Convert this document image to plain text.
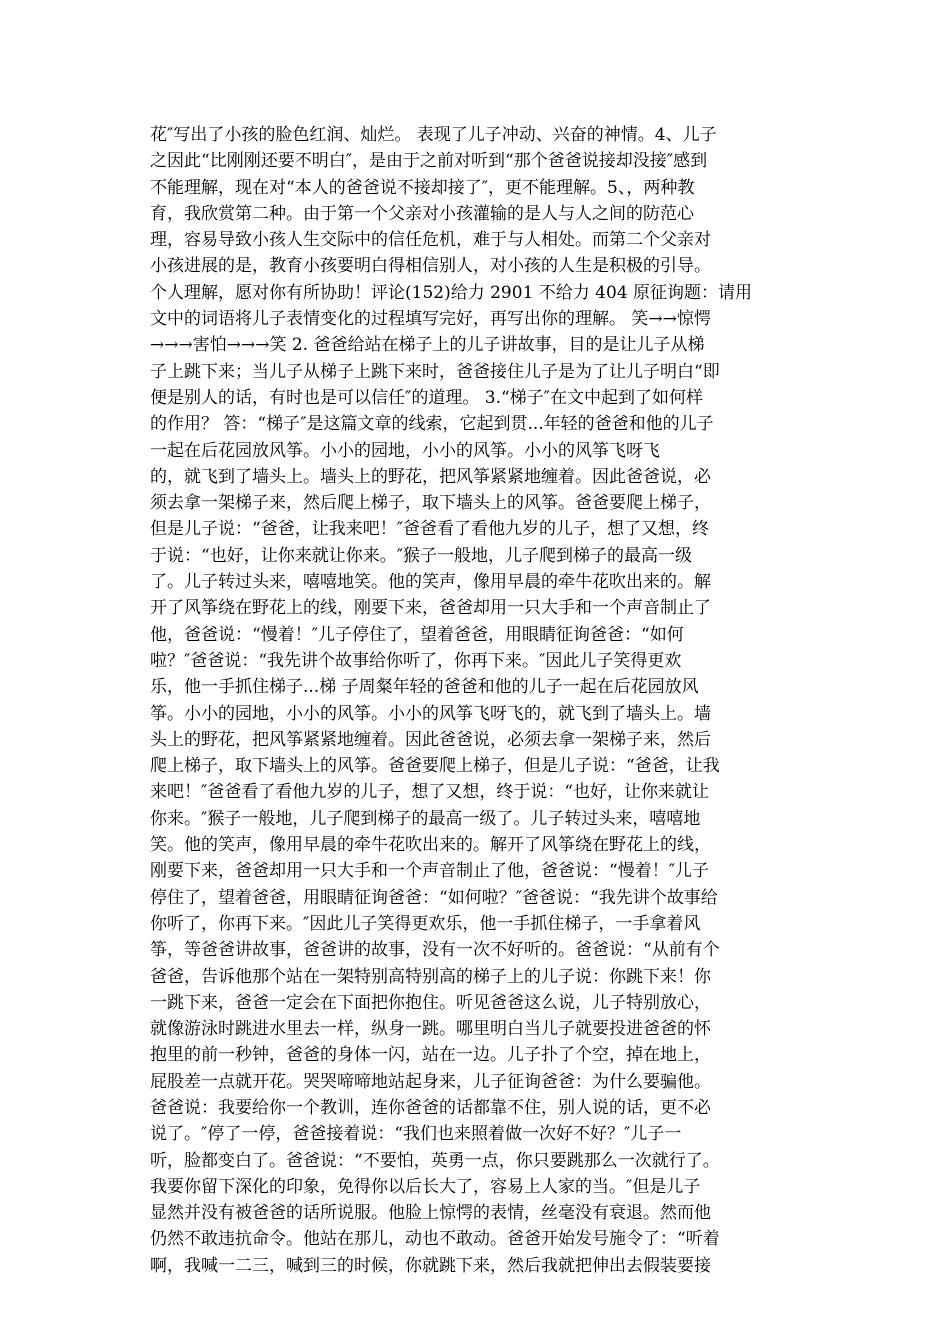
花″写出了小孩的脸色红润、灿烂。 表现了儿子冲动、兴奋的神情。4、儿子
之因此“比刚刚还要不明白″，是由于之前对听到“那个爸爸说接却没接″感到
不能理解，现在对“本人的爸爸说不接却接了″，更不能理解。5、，两种教
育，我欣赏第二种。由于第一个父亲对小孩灌输的是人与人之间的防范心
理，容易导致小孩人生交际中的信任危机，难于与人相处。而第二个父亲对
小孩进展的是，教育小孩要明白得相信别人，对小孩的人生是积极的引导。
个人理解，愿对你有所协助！评论(152)给力 2901 不给力 404 原征询题：请用
文中的词语将儿子表情变化的过程填写完好，再写出你的理解。 笑→→惊愕
→→→害怕→→→笑 2. 爸爸给站在梯子上的儿子讲故事，目的是让儿子从梯
子上跳下来；当儿子从梯子上跳下来时，爸爸接住儿子是为了让儿子明白“即
便是别人的话，有时也是可以信任″的道理。 3.“梯子″在文中起到了如何样
的作用？ 答：“梯子″是这篇文章的线索，它起到贯...年轻的爸爸和他的儿子
一起在后花园放风筝。小小的园地，小小的风筝。小小的风筝飞呀飞
的，就飞到了墙头上。墙头上的野花，把风筝紧紧地缠着。因此爸爸说，必
须去拿一架梯子来，然后爬上梯子，取下墙头上的风筝。爸爸要爬上梯子，
但是儿子说：“爸爸，让我来吧！″爸爸看了看他九岁的儿子，想了又想，终
于说：“也好，让你来就让你来。″猴子一般地，儿子爬到梯子的最高一级
了。儿子转过头来，嘻嘻地笑。他的笑声，像用早晨的牵牛花吹出来的。解
开了风筝绕在野花上的线，刚要下来，爸爸却用一只大手和一个声音制止了
他，爸爸说：“慢着！″儿子停住了，望着爸爸，用眼睛征询爸爸：“如何
啦？″爸爸说：“我先讲个故事给你听了，你再下来。″因此儿子笑得更欢
乐，他一手抓住梯子...梯 子周粲年轻的爸爸和他的儿子一起在后花园放风
筝。小小的园地，小小的风筝。小小的风筝飞呀飞的，就飞到了墙头上。墙
头上的野花，把风筝紧紧地缠着。因此爸爸说，必须去拿一架梯子来，然后
爬上梯子，取下墙头上的风筝。爸爸要爬上梯子，但是儿子说：“爸爸，让我
来吧！″爸爸看了看他九岁的儿子，想了又想，终于说：“也好，让你来就让
你来。″猴子一般地，儿子爬到梯子的最高一级了。儿子转过头来，嘻嘻地
笑。他的笑声，像用早晨的牵牛花吹出来的。解开了风筝绕在野花上的线，
刚要下来，爸爸却用一只大手和一个声音制止了他，爸爸说：“慢着！″儿子
停住了，望着爸爸，用眼睛征询爸爸：“如何啦？″爸爸说：“我先讲个故事给
你听了，你再下来。″因此儿子笑得更欢乐，他一手抓住梯子，一手拿着风
筝，等爸爸讲故事，爸爸讲的故事，没有一次不好听的。爸爸说：“从前有个
爸爸，告诉他那个站在一架特别高特别高的梯子上的儿子说：你跳下来！你
一跳下来，爸爸一定会在下面把你抱住。听见爸爸这么说，儿子特别放心，
就像游泳时跳进水里去一样，纵身一跳。哪里明白当儿子就要投进爸爸的怀
抱里的前一秒钟，爸爸的身体一闪，站在一边。儿子扑了个空，掉在地上，
屁股差一点就开花。哭哭啼啼地站起身来，儿子征询爸爸：为什么要骗他。
爸爸说：我要给你一个教训，连你爸爸的话都靠不住，别人说的话，更不必
说了。″停了一停，爸爸接着说：“我们也来照着做一次好不好？″儿子一
听，脸都变白了。爸爸说：“不要怕，英勇一点，你只要跳那么一次就行了。
我要你留下深化的印象，免得你以后长大了，容易上人家的当。″但是儿子
显然并没有被爸爸的话所说服。他脸上惊愕的表情，丝毫没有衰退。然而他
仍然不敢违抗命令。他站在那儿，动也不敢动。爸爸开始发号施令了：“听着
啊，我喊一二三，喊到三的时候，你就跳下来，然后我就把伸出去假装要接
